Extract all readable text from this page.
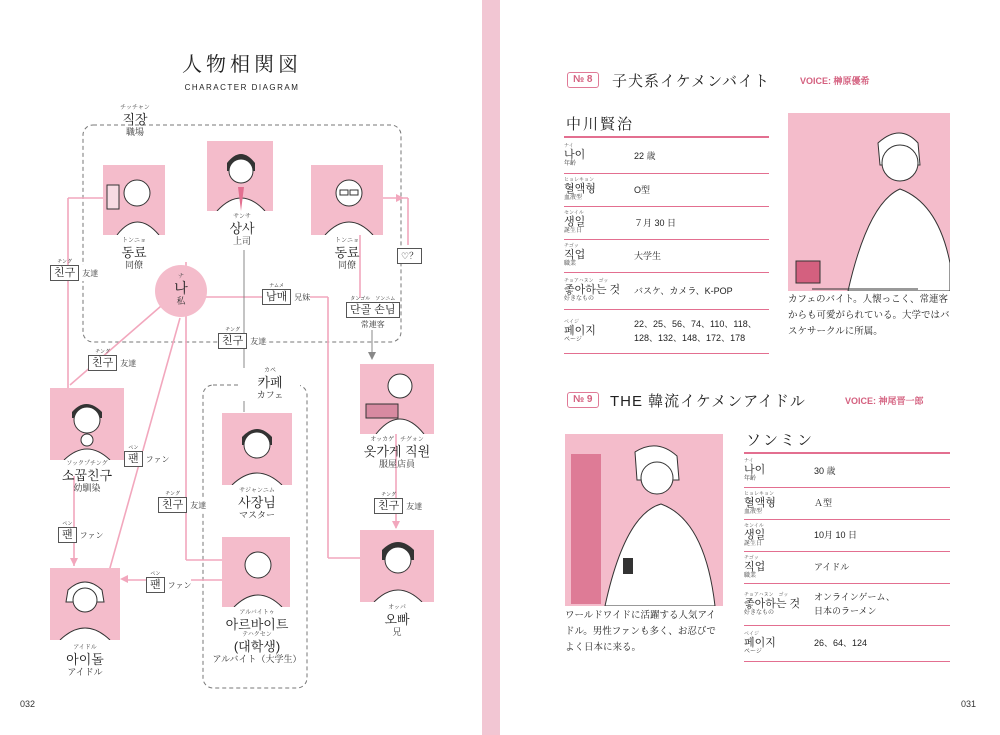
人物相関図
CHARACTER DIAGRAM
チッチャン
직장
職場
カペ
카페
カフェ
ナ
나
私
トンニョ
동료
同僚
サンサ
상사
上司	トンニョ
동료
同僚
ソックプチング
소꿉친구
幼馴染
オッカゲ　チグォン
옷가게 직원
服屋店員
サジャンニム
사장님
マスター
アルバイトゥ
아르바이트
テハクセン
(대학생)
アルバイト（大学生）
オッパ
오빠
兄
アイドル
아이돌
アイドル
チング
친구 友達
チング
친구 友達
チング
친구 友達
チング
친구 友達
チング
친구 友達
ペン
팬 ファン
ペン
팬 ファン
ペン
팬 ファン
ナムメ
남매 兄妹	タンゴル　ソンニム
단골 손님
常連客
♡？
032
№ 8	子犬系イケメンバイト	VOICE: 榊原優希
中川賢治
ナイ
나이
年齢	22 歳

ヒョレキョン
혈액형
血液型	O型

センイル
생일
誕生日	７月 30 日

チゴッ
직업
職業	大学生

チョアハヌン　ゴッ
좋아하는 것
好きなもの	バスケ、カメラ、K-POP

ペイジ
페이지
ページ	22、25、56、74、110、118、
128、132、148、172、178
カフェのバイト。人懐っこく、常連客からも可愛がられている。大学ではバスケサークルに所属。
№ 9	THE 韓流イケメンアイドル	VOICE: 神尾晋一郎
ワールドワイドに活躍する人気アイドル。男性ファンも多く、お忍びでよく日本に来る。
ソンミン
ナイ
나이
年齢	30 歳

ヒョレキョン
혈액형
血液型	Ａ型

センイル
생일
誕生日	10月 10 日

チゴッ
직업
職業	アイドル

チョアハヌン　ゴッ
좋아하는 것
好きなもの	オンラインゲーム、
日本のラーメン

ペイジ
페이지
ページ	26、64、124
031
